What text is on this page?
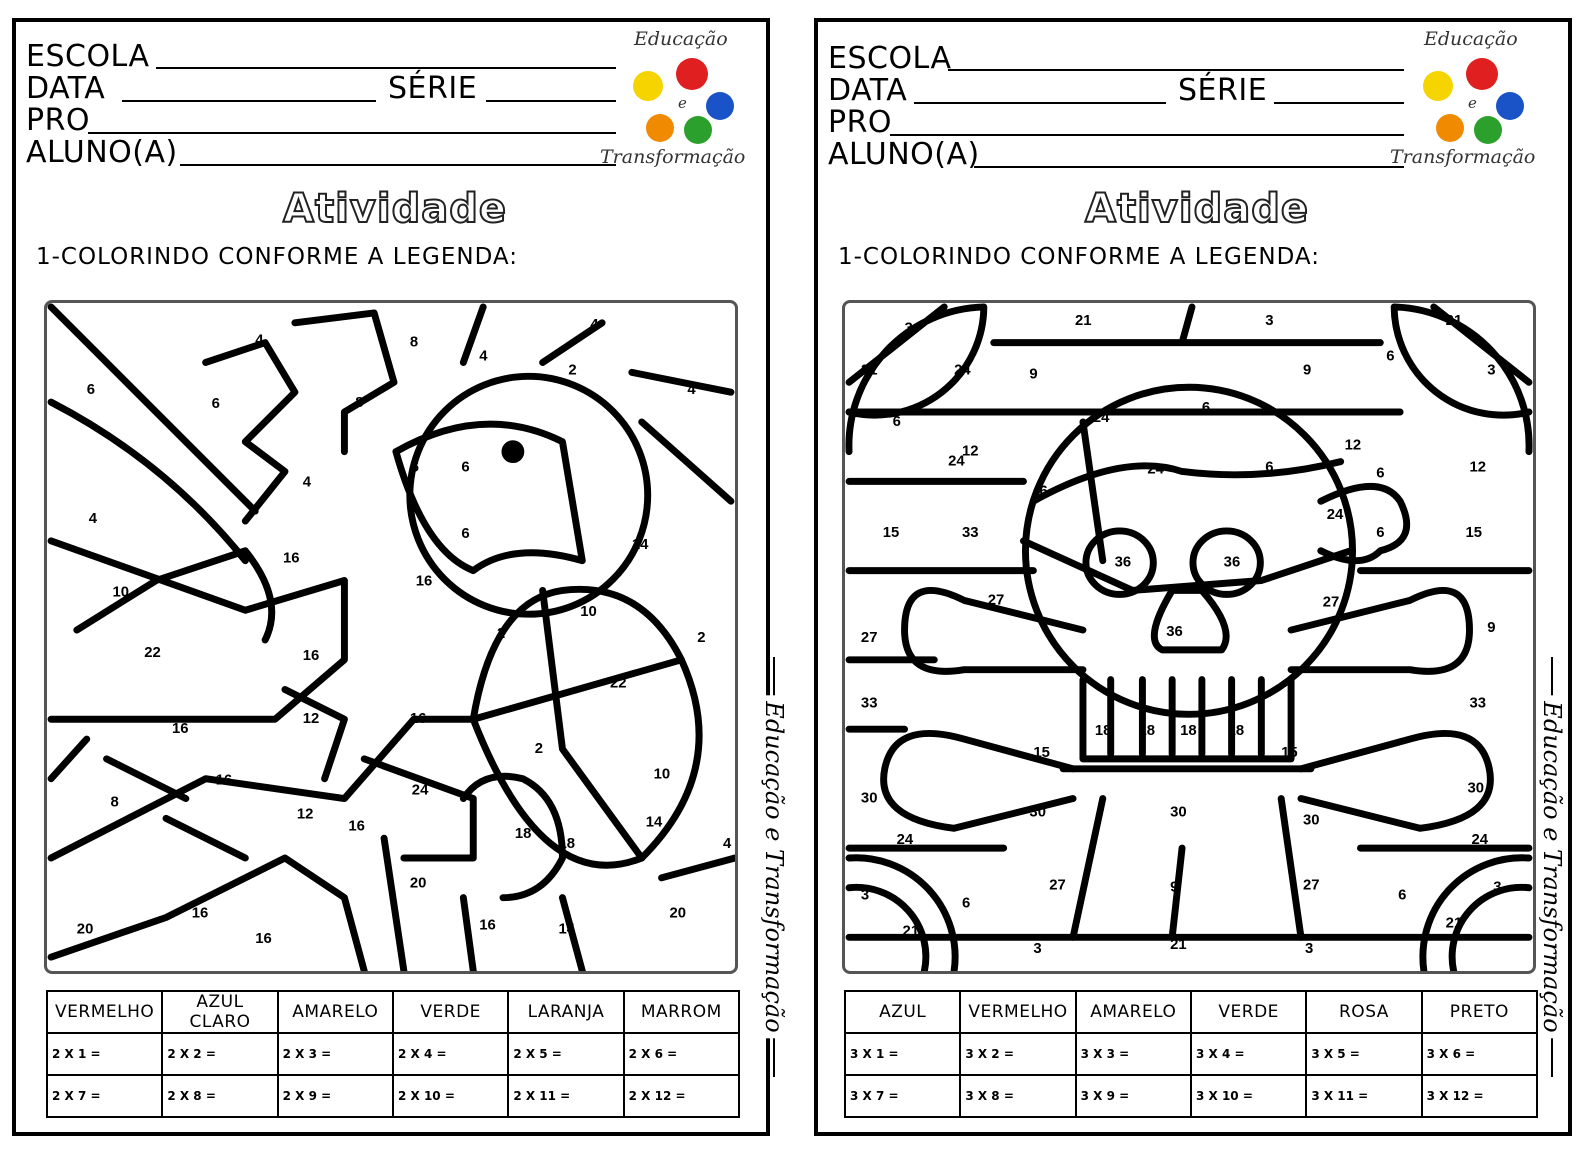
ESCOLA
DATA	SÉRIE
PRO
ALUNO(A)
Educação
e
Transformação
Atividade
1-COLORINDO CONFORME A LEGENDA:
6
4
6
8
4
8
4
2
4
4
6	6
6
4
14
16
16
10
10
22	16
2	2
22
16
12	16
2
10
16
24
12
16
8
14
18
18	4
20
16
20
16
16	14
20	Educação e Transformação
VERMELHO	AZUL CLARO	AMARELO	VERDE	LARANJA	MARROM
2 X 1 =	2 X 2 =	2 X 3 =	2 X 4 =	2 X 5 =	2 X 6 =
2 X 7 =	2 X 8 =	2 X 9 =	2 X 10 =	2 X 11 =	2 X 12 =
ESCOLA
DATA	SÉRIE
PRO
ALUNO(A)
Educação
e
Transformação
Atividade
1-COLORINDO CONFORME A LEGENDA:
3	21	3	21
21	24	9	9
6
3
6	24
6
24
12	12
24	6	6	12
6
24
15	33
36	36
6	15
27
36
27
27
9
33
18 18 18 18
33
15	15
30
30	30	30
30
24	24
27	9	27
3	6
21
3	21	3
6
21
3 Educação e Transformação
AZUL	VERMELHO	AMARELO	VERDE	ROSA	PRETO
3 X 1 =	3 X 2 =	3 X 3 =	3 X 4 =	3 X 5 =	3 X 6 =
3 X 7 =	3 X 8 =	3 X 9 =	3 X 10 =	3 X 11 =	3 X 12 =
